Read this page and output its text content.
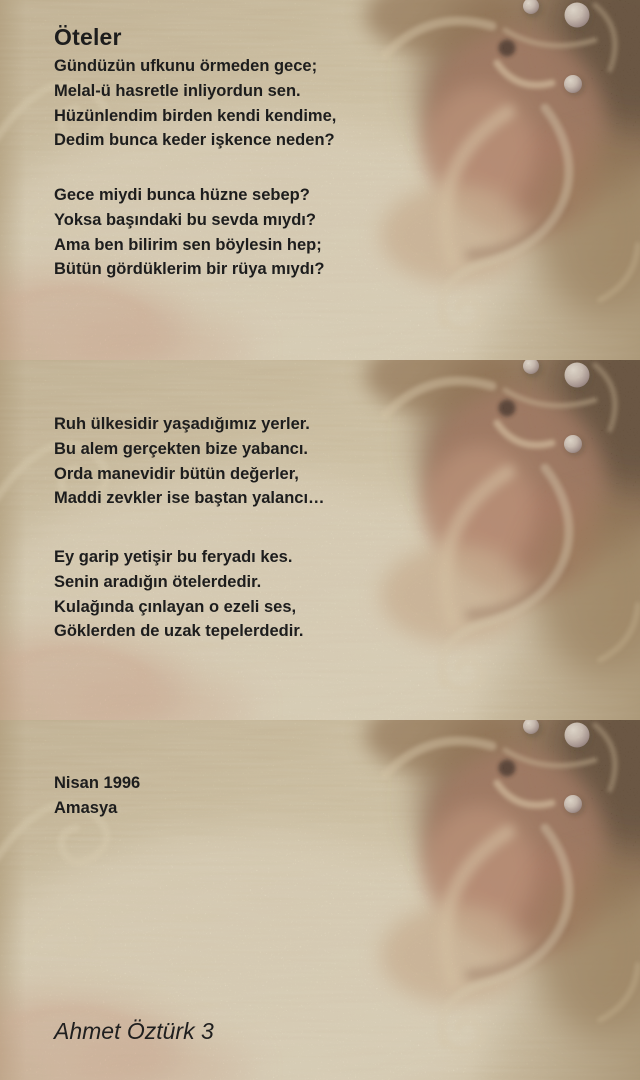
Öteler
Gündüzün ufkunu örmeden gece;
Melal-ü hasretle inliyordun sen.
Hüzünlendim birden kendi kendime,
Dedim bunca keder işkence neden?
Gece miydi bunca hüzne sebep?
Yoksa başındaki bu sevda mıydı?
Ama ben bilirim sen böylesin hep;
Bütün gördüklerim bir rüya mıydı?
Ruh ülkesidir yaşadığımız yerler.
Bu alem gerçekten bize yabancı.
Orda manevidir bütün değerler,
Maddi zevkler ise baştan yalancı…
Ey garip yetişir bu feryadı kes.
Senin aradığın ötelerdedir.
Kulağında çınlayan o ezeli ses,
Göklerden de uzak tepelerdedir.
Nisan 1996
Amasya
Ahmet Öztürk 3
